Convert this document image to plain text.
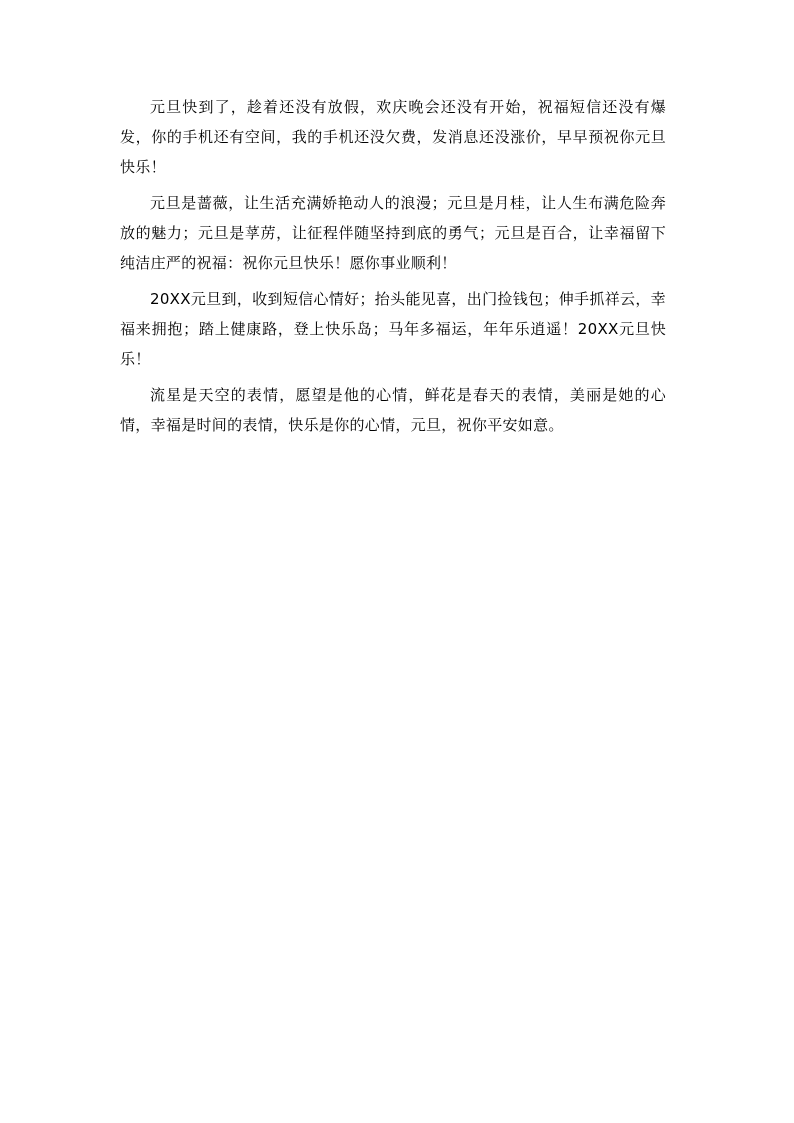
元旦快到了，趁着还没有放假，欢庆晚会还没有开始，祝福短信还没有爆发，你的手机还有空间，我的手机还没欠费，发消息还没涨价，早早预祝你元旦快乐！

元旦是蔷薇，让生活充满娇艳动人的浪漫；元旦是月桂，让人生布满危险奔放的魅力；元旦是莩苈，让征程伴随坚持到底的勇气；元旦是百合，让幸福留下纯洁庄严的祝福：祝你元旦快乐！愿你事业顺利！

20XX元旦到，收到短信心情好；抬头能见喜，出门捡钱包；伸手抓祥云，幸福来拥抱；踏上健康路，登上快乐岛；马年多福运，年年乐逍遥！20XX元旦快乐！

流星是天空的表情，愿望是他的心情，鲜花是春天的表情，美丽是她的心情，幸福是时间的表情，快乐是你的心情，元旦，祝你平安如意。
